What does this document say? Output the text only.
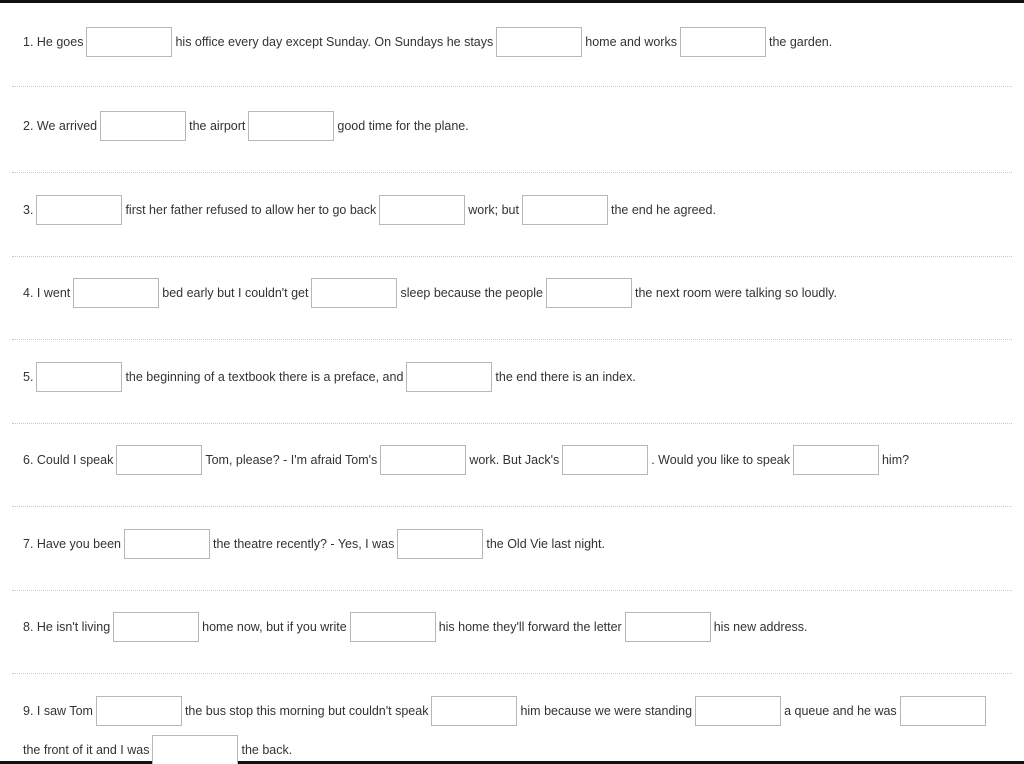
1. He goes	his office every day except Sunday. On Sundays he stays	home and works	the garden.
2. We arrived	the airport	good time for the plane.
3.	first her father refused to allow her to go back	work; but	the end he agreed.
4. I went	bed early but I couldn't get	sleep because the people	the next room were talking so loudly.
5.	the beginning of a textbook there is a preface, and	the end there is an index.
6. Could I speak	Tom, please? - I'm afraid Tom's	work. But Jack's	. Would you like to speak	him?
7. Have you been	the theatre recently? - Yes, I was	the Old Vie last night.
8. He isn't living	home now, but if you write	his home they'll forward the letter	his new address.
9. I saw Tom	the bus stop this morning but couldn't speak	him because we were standing	a queue and he was
the front of it and I was	the back.
